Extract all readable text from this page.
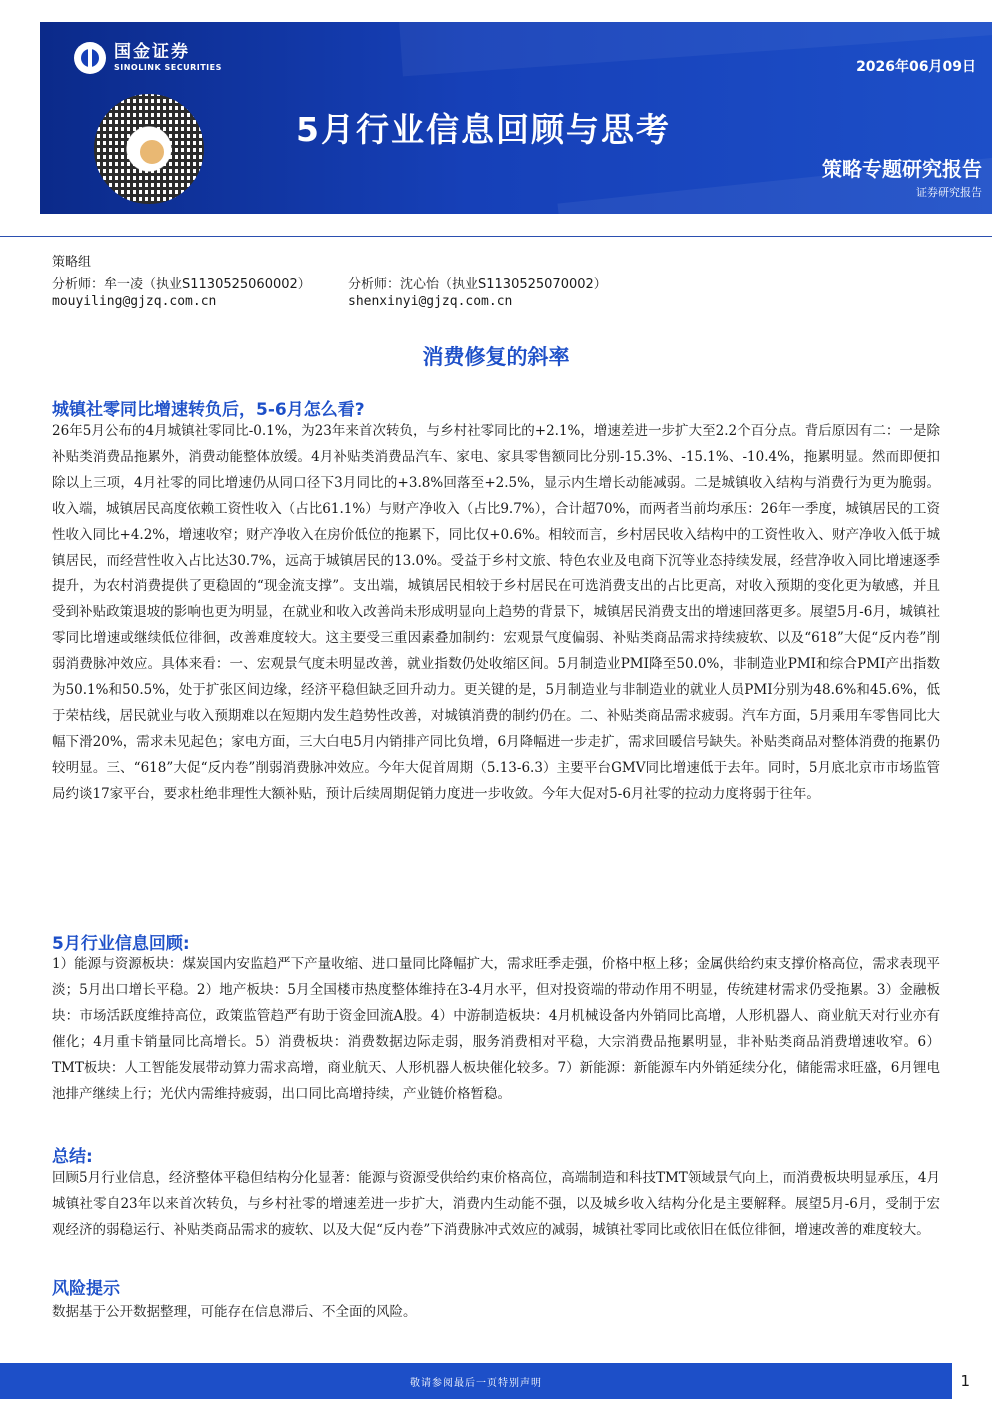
国金证券
SINOLINK SECURITIES
5月行业信息回顾与思考
2026年06月09日
策略专题研究报告
证券研究报告
策略组
分析师：牟一凌（执业S1130525060002）	分析师：沈心怡（执业S1130525070002）
mouyiling@gjzq.com.cn	shenxinyi@gjzq.com.cn
消费修复的斜率
城镇社零同比增速转负后，5-6月怎么看?

26年5月公布的4月城镇社零同比-0.1%，为23年来首次转负，与乡村社零同比的+2.1%，增速差进一步扩大至2.2个百分点。背后原因有二：一是除补贴类消费品拖累外，消费动能整体放缓。4月补贴类消费品汽车、家电、家具零售额同比分别-15.3%、-15.1%、-10.4%，拖累明显。然而即便扣除以上三项，4月社零的同比增速仍从同口径下3月同比的+3.8%回落至+2.5%，显示内生增长动能减弱。二是城镇收入结构与消费行为更为脆弱。收入端，城镇居民高度依赖工资性收入（占比61.1%）与财产净收入（占比9.7%），合计超70%，而两者当前均承压：26年一季度，城镇居民的工资性收入同比+4.2%，增速收窄；财产净收入在房价低位的拖累下，同比仅+0.6%。相较而言，乡村居民收入结构中的工资性收入、财产净收入低于城镇居民，而经营性收入占比达30.7%，远高于城镇居民的13.0%。受益于乡村文旅、特色农业及电商下沉等业态持续发展，经营净收入同比增速逐季提升，为农村消费提供了更稳固的“现金流支撑”。支出端，城镇居民相较于乡村居民在可选消费支出的占比更高，对收入预期的变化更为敏感，并且受到补贴政策退坡的影响也更为明显，在就业和收入改善尚未形成明显向上趋势的背景下，城镇居民消费支出的增速回落更多。展望5月-6月，城镇社零同比增速或继续低位徘徊，改善难度较大。这主要受三重因素叠加制约：宏观景气度偏弱、补贴类商品需求持续疲软、以及“618”大促“反内卷”削弱消费脉冲效应。具体来看：一、宏观景气度未明显改善，就业指数仍处收缩区间。5月制造业PMI降至50.0%，非制造业PMI和综合PMI产出指数为50.1%和50.5%，处于扩张区间边缘，经济平稳但缺乏回升动力。更关键的是，5月制造业与非制造业的就业人员PMI分别为48.6%和45.6%，低于荣枯线，居民就业与收入预期难以在短期内发生趋势性改善，对城镇消费的制约仍在。二、补贴类商品需求疲弱。汽车方面，5月乘用车零售同比大幅下滑20%，需求未见起色；家电方面，三大白电5月内销排产同比负增，6月降幅进一步走扩，需求回暖信号缺失。补贴类商品对整体消费的拖累仍较明显。三、“618”大促“反内卷”削弱消费脉冲效应。今年大促首周期（5.13-6.3）主要平台GMV同比增速低于去年。同时，5月底北京市市场监管局约谈17家平台，要求杜绝非理性大额补贴，预计后续周期促销力度进一步收敛。今年大促对5-6月社零的拉动力度将弱于往年。

5月行业信息回顾:

1）能源与资源板块：煤炭国内安监趋严下产量收缩、进口量同比降幅扩大，需求旺季走强，价格中枢上移；金属供给约束支撑价格高位，需求表现平淡；5月出口增长平稳。2）地产板块：5月全国楼市热度整体维持在3-4月水平，但对投资端的带动作用不明显，传统建材需求仍受拖累。3）金融板块：市场活跃度维持高位，政策监管趋严有助于资金回流A股。4）中游制造板块：4月机械设备内外销同比高增，人形机器人、商业航天对行业亦有催化；4月重卡销量同比高增长。5）消费板块：消费数据边际走弱，服务消费相对平稳，大宗消费品拖累明显，非补贴类商品消费增速收窄。6）TMT板块：人工智能发展带动算力需求高增，商业航天、人形机器人板块催化较多。7）新能源：新能源车内外销延续分化，储能需求旺盛，6月锂电池排产继续上行；光伏内需维持疲弱，出口同比高增持续，产业链价格暂稳。

总结:

回顾5月行业信息，经济整体平稳但结构分化显著：能源与资源受供给约束价格高位，高端制造和科技TMT领域景气向上，而消费板块明显承压，4月城镇社零自23年以来首次转负，与乡村社零的增速差进一步扩大，消费内生动能不强，以及城乡收入结构分化是主要解释。展望5月-6月，受制于宏观经济的弱稳运行、补贴类商品需求的疲软、以及大促“反内卷”下消费脉冲式效应的减弱，城镇社零同比或依旧在低位徘徊，增速改善的难度较大。

风险提示

数据基于公开数据整理，可能存在信息滞后、不全面的风险。

敬请参阅最后一页特别声明	1
